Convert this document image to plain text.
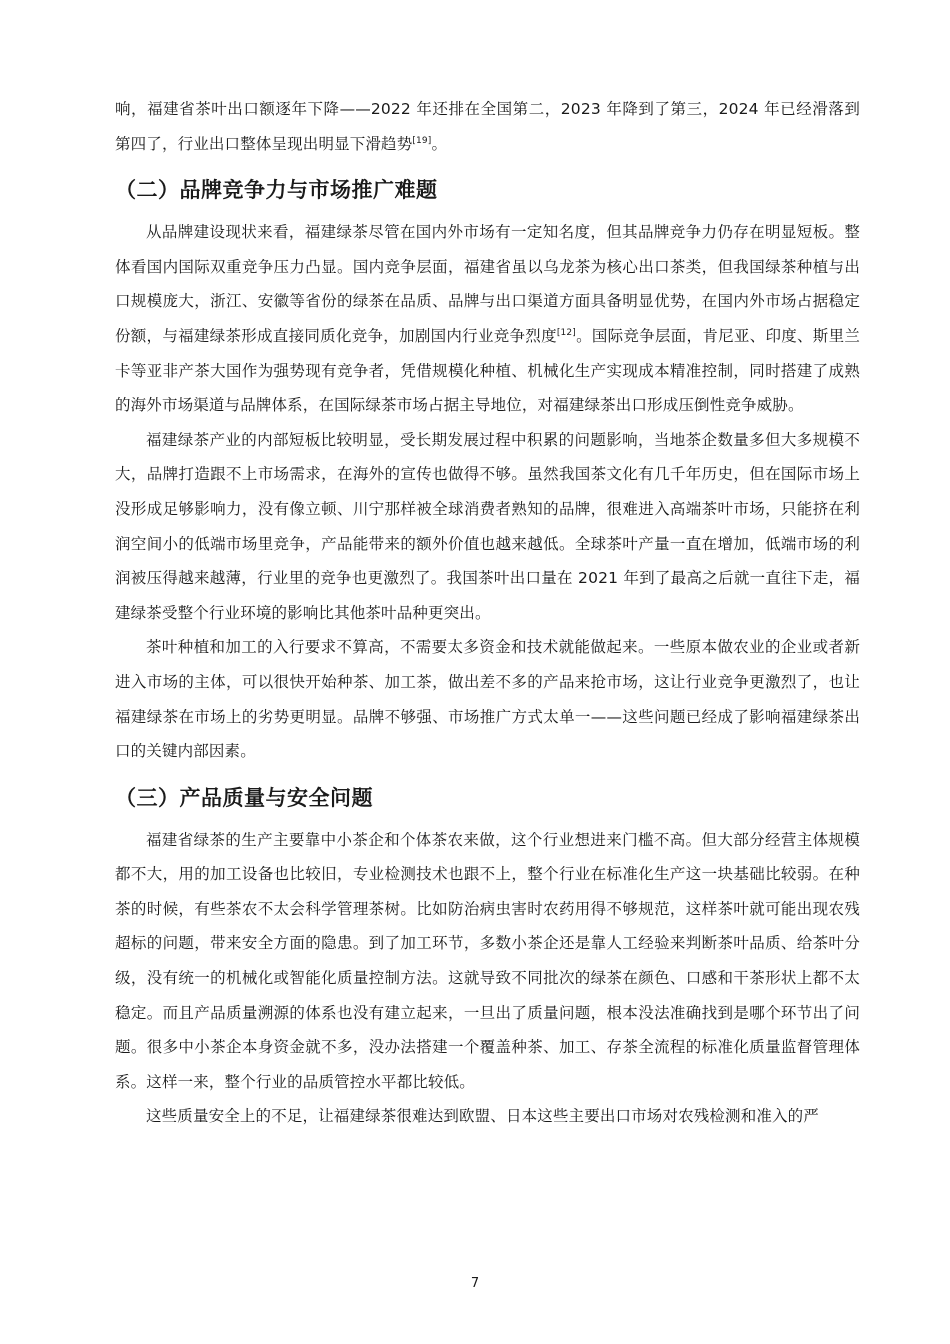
响，福建省茶叶出口额逐年下降——2022 年还排在全国第二，2023 年降到了第三，2024 年已经滑落到第四了，行业出口整体呈现出明显下滑趋势[19]。

（二）品牌竞争力与市场推广难题

从品牌建设现状来看，福建绿茶尽管在国内外市场有一定知名度，但其品牌竞争力仍存在明显短板。整体看国内国际双重竞争压力凸显。国内竞争层面，福建省虽以乌龙茶为核心出口茶类，但我国绿茶种植与出口规模庞大，浙江、安徽等省份的绿茶在品质、品牌与出口渠道方面具备明显优势，在国内外市场占据稳定份额，与福建绿茶形成直接同质化竞争，加剧国内行业竞争烈度[12]。国际竞争层面，肯尼亚、印度、斯里兰卡等亚非产茶大国作为强势现有竞争者，凭借规模化种植、机械化生产实现成本精准控制，同时搭建了成熟的海外市场渠道与品牌体系，在国际绿茶市场占据主导地位，对福建绿茶出口形成压倒性竞争威胁。

福建绿茶产业的内部短板比较明显，受长期发展过程中积累的问题影响，当地茶企数量多但大多规模不大，品牌打造跟不上市场需求，在海外的宣传也做得不够。虽然我国茶文化有几千年历史，但在国际市场上没形成足够影响力，没有像立顿、川宁那样被全球消费者熟知的品牌，很难进入高端茶叶市场，只能挤在利润空间小的低端市场里竞争，产品能带来的额外价值也越来越低。全球茶叶产量一直在增加，低端市场的利润被压得越来越薄，行业里的竞争也更激烈了。我国茶叶出口量在 2021 年到了最高之后就一直往下走，福建绿茶受整个行业环境的影响比其他茶叶品种更突出。

茶叶种植和加工的入行要求不算高，不需要太多资金和技术就能做起来。一些原本做农业的企业或者新进入市场的主体，可以很快开始种茶、加工茶，做出差不多的产品来抢市场，这让行业竞争更激烈了，也让福建绿茶在市场上的劣势更明显。品牌不够强、市场推广方式太单一——这些问题已经成了影响福建绿茶出口的关键内部因素。

（三）产品质量与安全问题

福建省绿茶的生产主要靠中小茶企和个体茶农来做，这个行业想进来门槛不高。但大部分经营主体规模都不大，用的加工设备也比较旧，专业检测技术也跟不上，整个行业在标准化生产这一块基础比较弱。在种茶的时候，有些茶农不太会科学管理茶树。比如防治病虫害时农药用得不够规范，这样茶叶就可能出现农残超标的问题，带来安全方面的隐患。到了加工环节，多数小茶企还是靠人工经验来判断茶叶品质、给茶叶分级，没有统一的机械化或智能化质量控制方法。这就导致不同批次的绿茶在颜色、口感和干茶形状上都不太稳定。而且产品质量溯源的体系也没有建立起来，一旦出了质量问题，根本没法准确找到是哪个环节出了问题。很多中小茶企本身资金就不多，没办法搭建一个覆盖种茶、加工、存茶全流程的标准化质量监督管理体系。这样一来，整个行业的品质管控水平都比较低。

这些质量安全上的不足，让福建绿茶很难达到欧盟、日本这些主要出口市场对农残检测和准入的严

7
